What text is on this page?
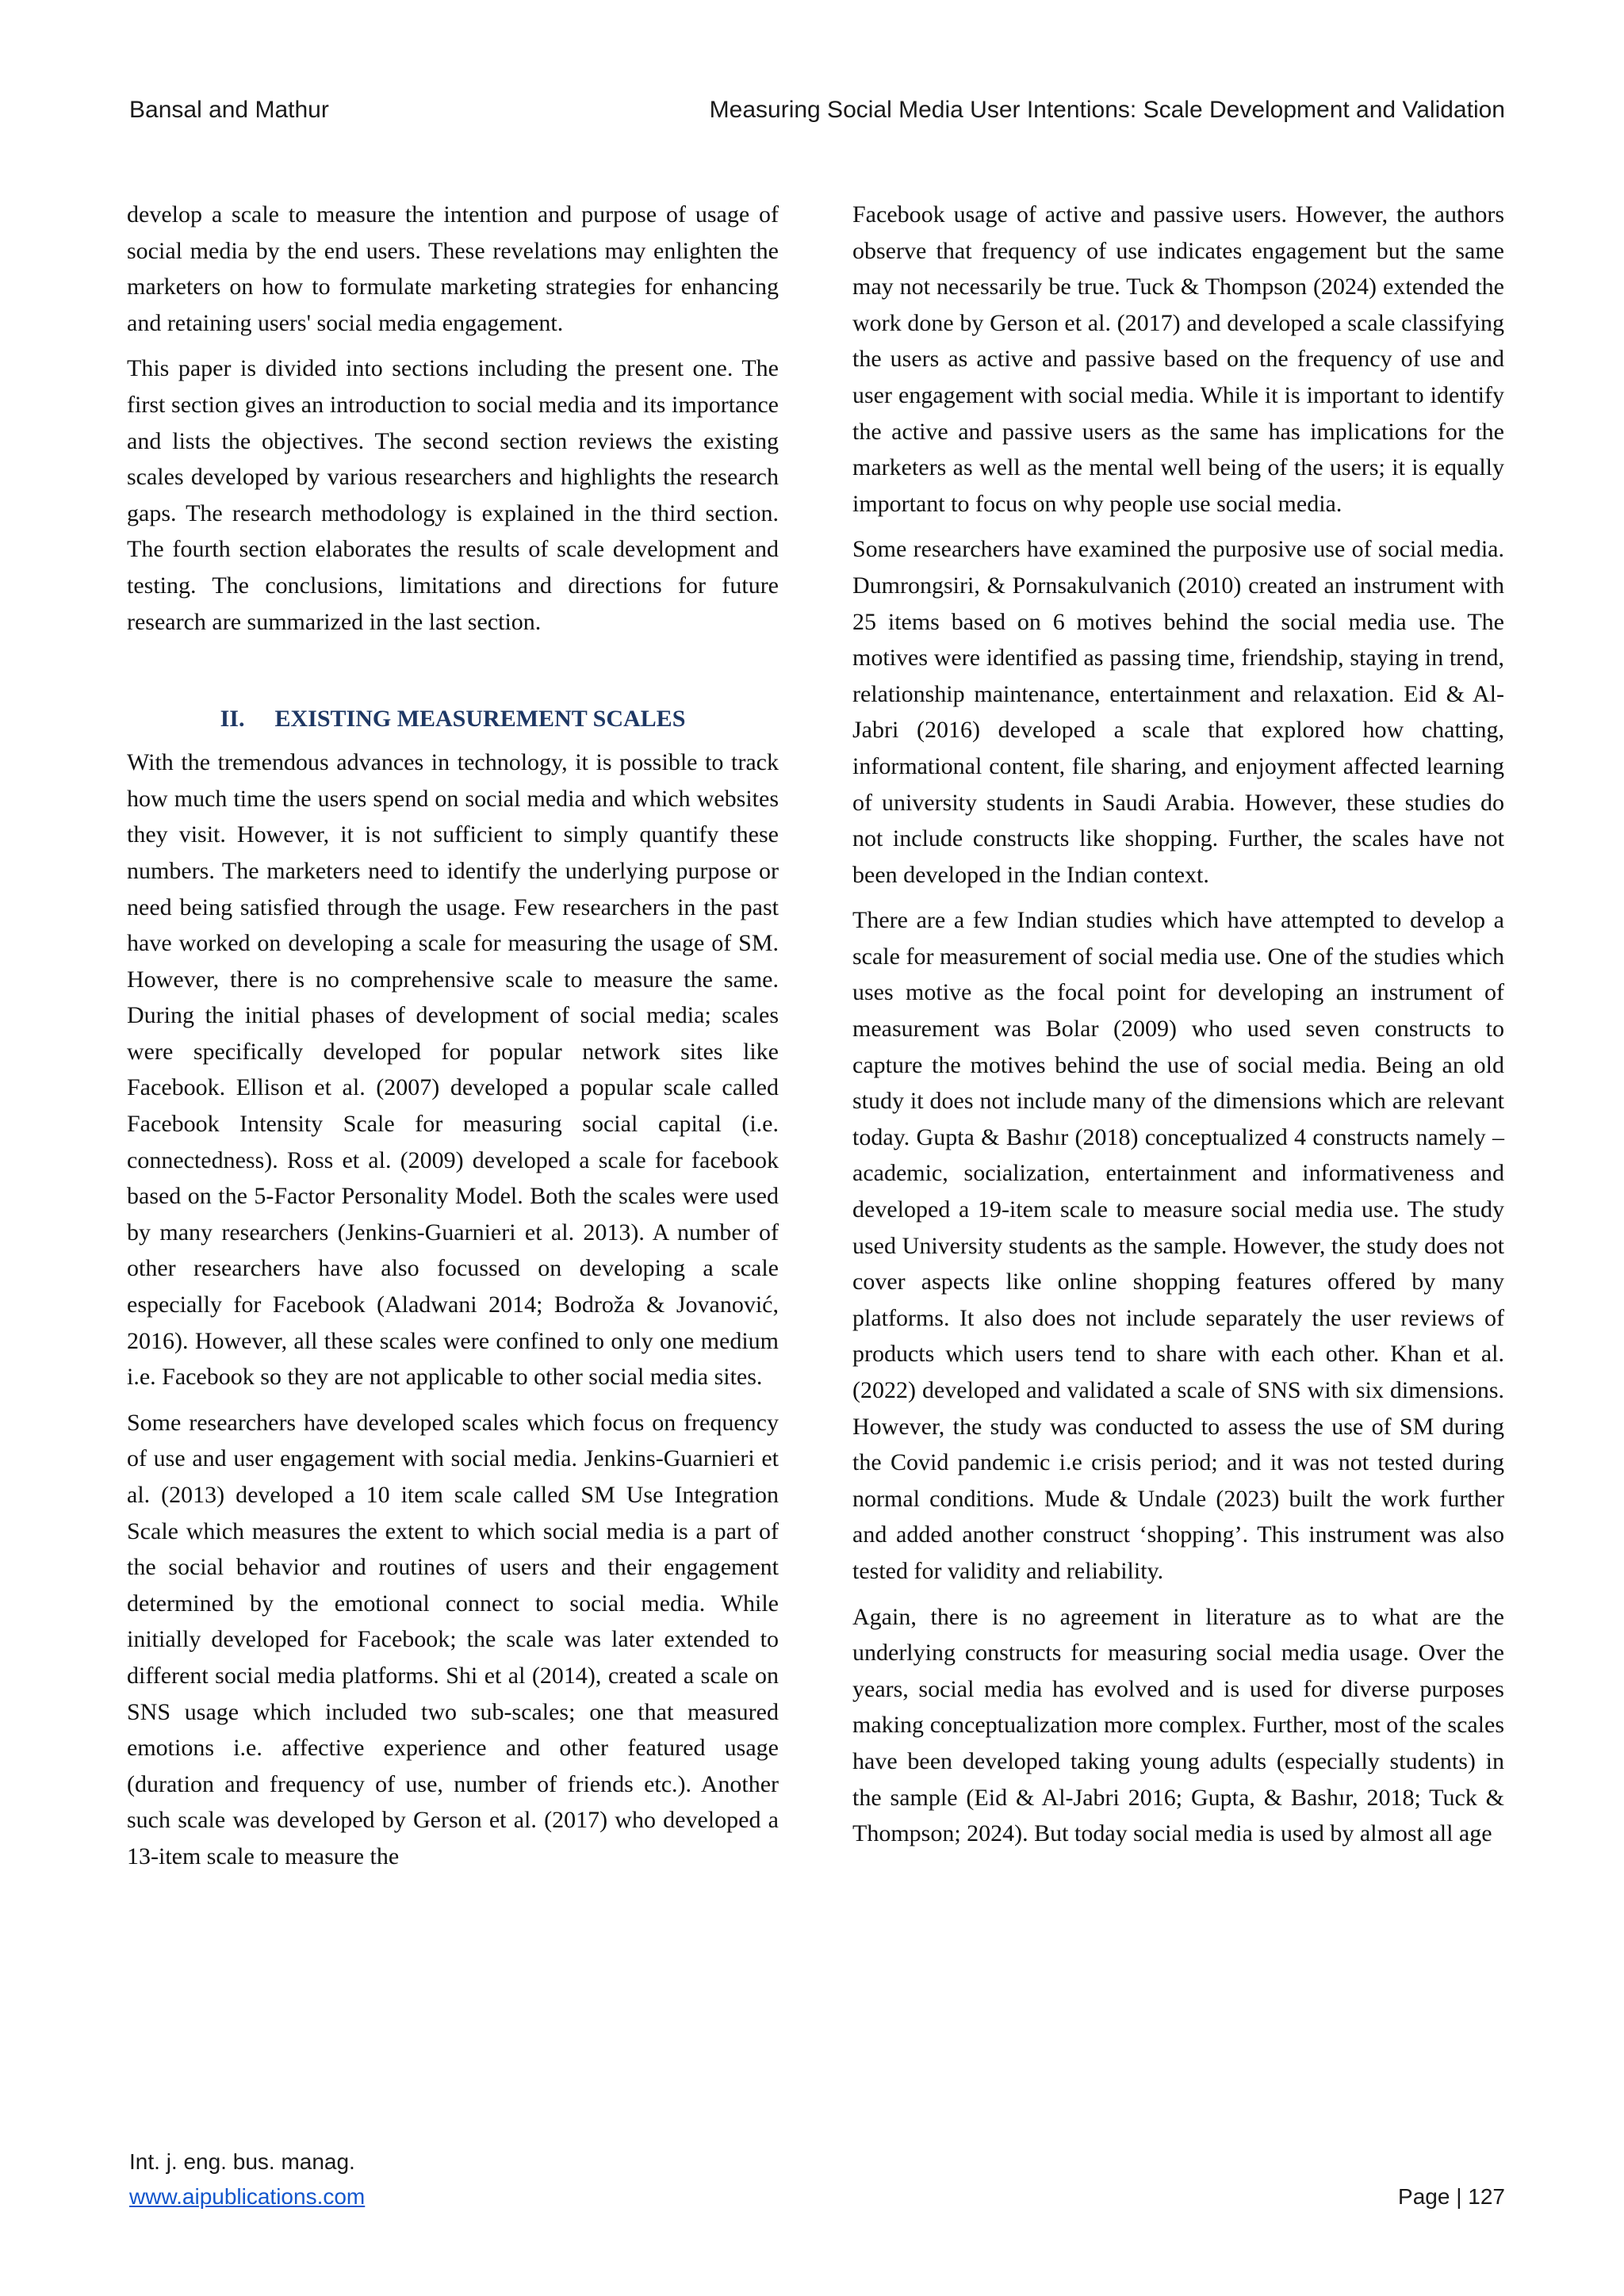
Bansal and Mathur	Measuring Social Media User Intentions: Scale Development and Validation

develop a scale to measure the intention and purpose of usage of social media by the end users. These revelations may enlighten the marketers on how to formulate marketing strategies for enhancing and retaining users' social media engagement.

This paper is divided into sections including the present one. The first section gives an introduction to social media and its importance and lists the objectives. The second section reviews the existing scales developed by various researchers and highlights the research gaps. The research methodology is explained in the third section. The fourth section elaborates the results of scale development and testing. The conclusions, limitations and directions for future research are summarized in the last section.

II. EXISTING MEASUREMENT SCALES

With the tremendous advances in technology, it is possible to track how much time the users spend on social media and which websites they visit. However, it is not sufficient to simply quantify these numbers. The marketers need to identify the underlying purpose or need being satisfied through the usage. Few researchers in the past have worked on developing a scale for measuring the usage of SM. However, there is no comprehensive scale to measure the same. During the initial phases of development of social media; scales were specifically developed for popular network sites like Facebook. Ellison et al. (2007) developed a popular scale called Facebook Intensity Scale for measuring social capital (i.e. connectedness). Ross et al. (2009) developed a scale for facebook based on the 5-Factor Personality Model. Both the scales were used by many researchers (Jenkins-Guarnieri et al. 2013). A number of other researchers have also focussed on developing a scale especially for Facebook (Aladwani 2014; Bodroža & Jovanović, 2016). However, all these scales were confined to only one medium i.e. Facebook so they are not applicable to other social media sites.

Some researchers have developed scales which focus on frequency of use and user engagement with social media. Jenkins-Guarnieri et al. (2013) developed a 10 item scale called SM Use Integration Scale which measures the extent to which social media is a part of the social behavior and routines of users and their engagement determined by the emotional connect to social media. While initially developed for Facebook; the scale was later extended to different social media platforms. Shi et al (2014), created a scale on SNS usage which included two sub-scales; one that measured emotions i.e. affective experience and other featured usage (duration and frequency of use, number of friends etc.). Another such scale was developed by Gerson et al. (2017) who developed a 13-item scale to measure the

Facebook usage of active and passive users. However, the authors observe that frequency of use indicates engagement but the same may not necessarily be true. Tuck & Thompson (2024) extended the work done by Gerson et al. (2017) and developed a scale classifying the users as active and passive based on the frequency of use and user engagement with social media. While it is important to identify the active and passive users as the same has implications for the marketers as well as the mental well being of the users; it is equally important to focus on why people use social media.

Some researchers have examined the purposive use of social media. Dumrongsiri, & Pornsakulvanich (2010) created an instrument with 25 items based on 6 motives behind the social media use. The motives were identified as passing time, friendship, staying in trend, relationship maintenance, entertainment and relaxation. Eid & Al-Jabri (2016) developed a scale that explored how chatting, informational content, file sharing, and enjoyment affected learning of university students in Saudi Arabia. However, these studies do not include constructs like shopping. Further, the scales have not been developed in the Indian context.

There are a few Indian studies which have attempted to develop a scale for measurement of social media use. One of the studies which uses motive as the focal point for developing an instrument of measurement was Bolar (2009) who used seven constructs to capture the motives behind the use of social media. Being an old study it does not include many of the dimensions which are relevant today. Gupta & Bashır (2018) conceptualized 4 constructs namely – academic, socialization, entertainment and informativeness and developed a 19-item scale to measure social media use. The study used University students as the sample. However, the study does not cover aspects like online shopping features offered by many platforms. It also does not include separately the user reviews of products which users tend to share with each other. Khan et al. (2022) developed and validated a scale of SNS with six dimensions. However, the study was conducted to assess the use of SM during the Covid pandemic i.e crisis period; and it was not tested during normal conditions. Mude & Undale (2023) built the work further and added another construct ‘shopping’. This instrument was also tested for validity and reliability.

Again, there is no agreement in literature as to what are the underlying constructs for measuring social media usage. Over the years, social media has evolved and is used for diverse purposes making conceptualization more complex. Further, most of the scales have been developed taking young adults (especially students) in the sample (Eid & Al-Jabri 2016; Gupta, & Bashır, 2018; Tuck & Thompson; 2024). But today social media is used by almost all age

Int. j. eng. bus. manag.
www.aipublications.com	Page | 127
